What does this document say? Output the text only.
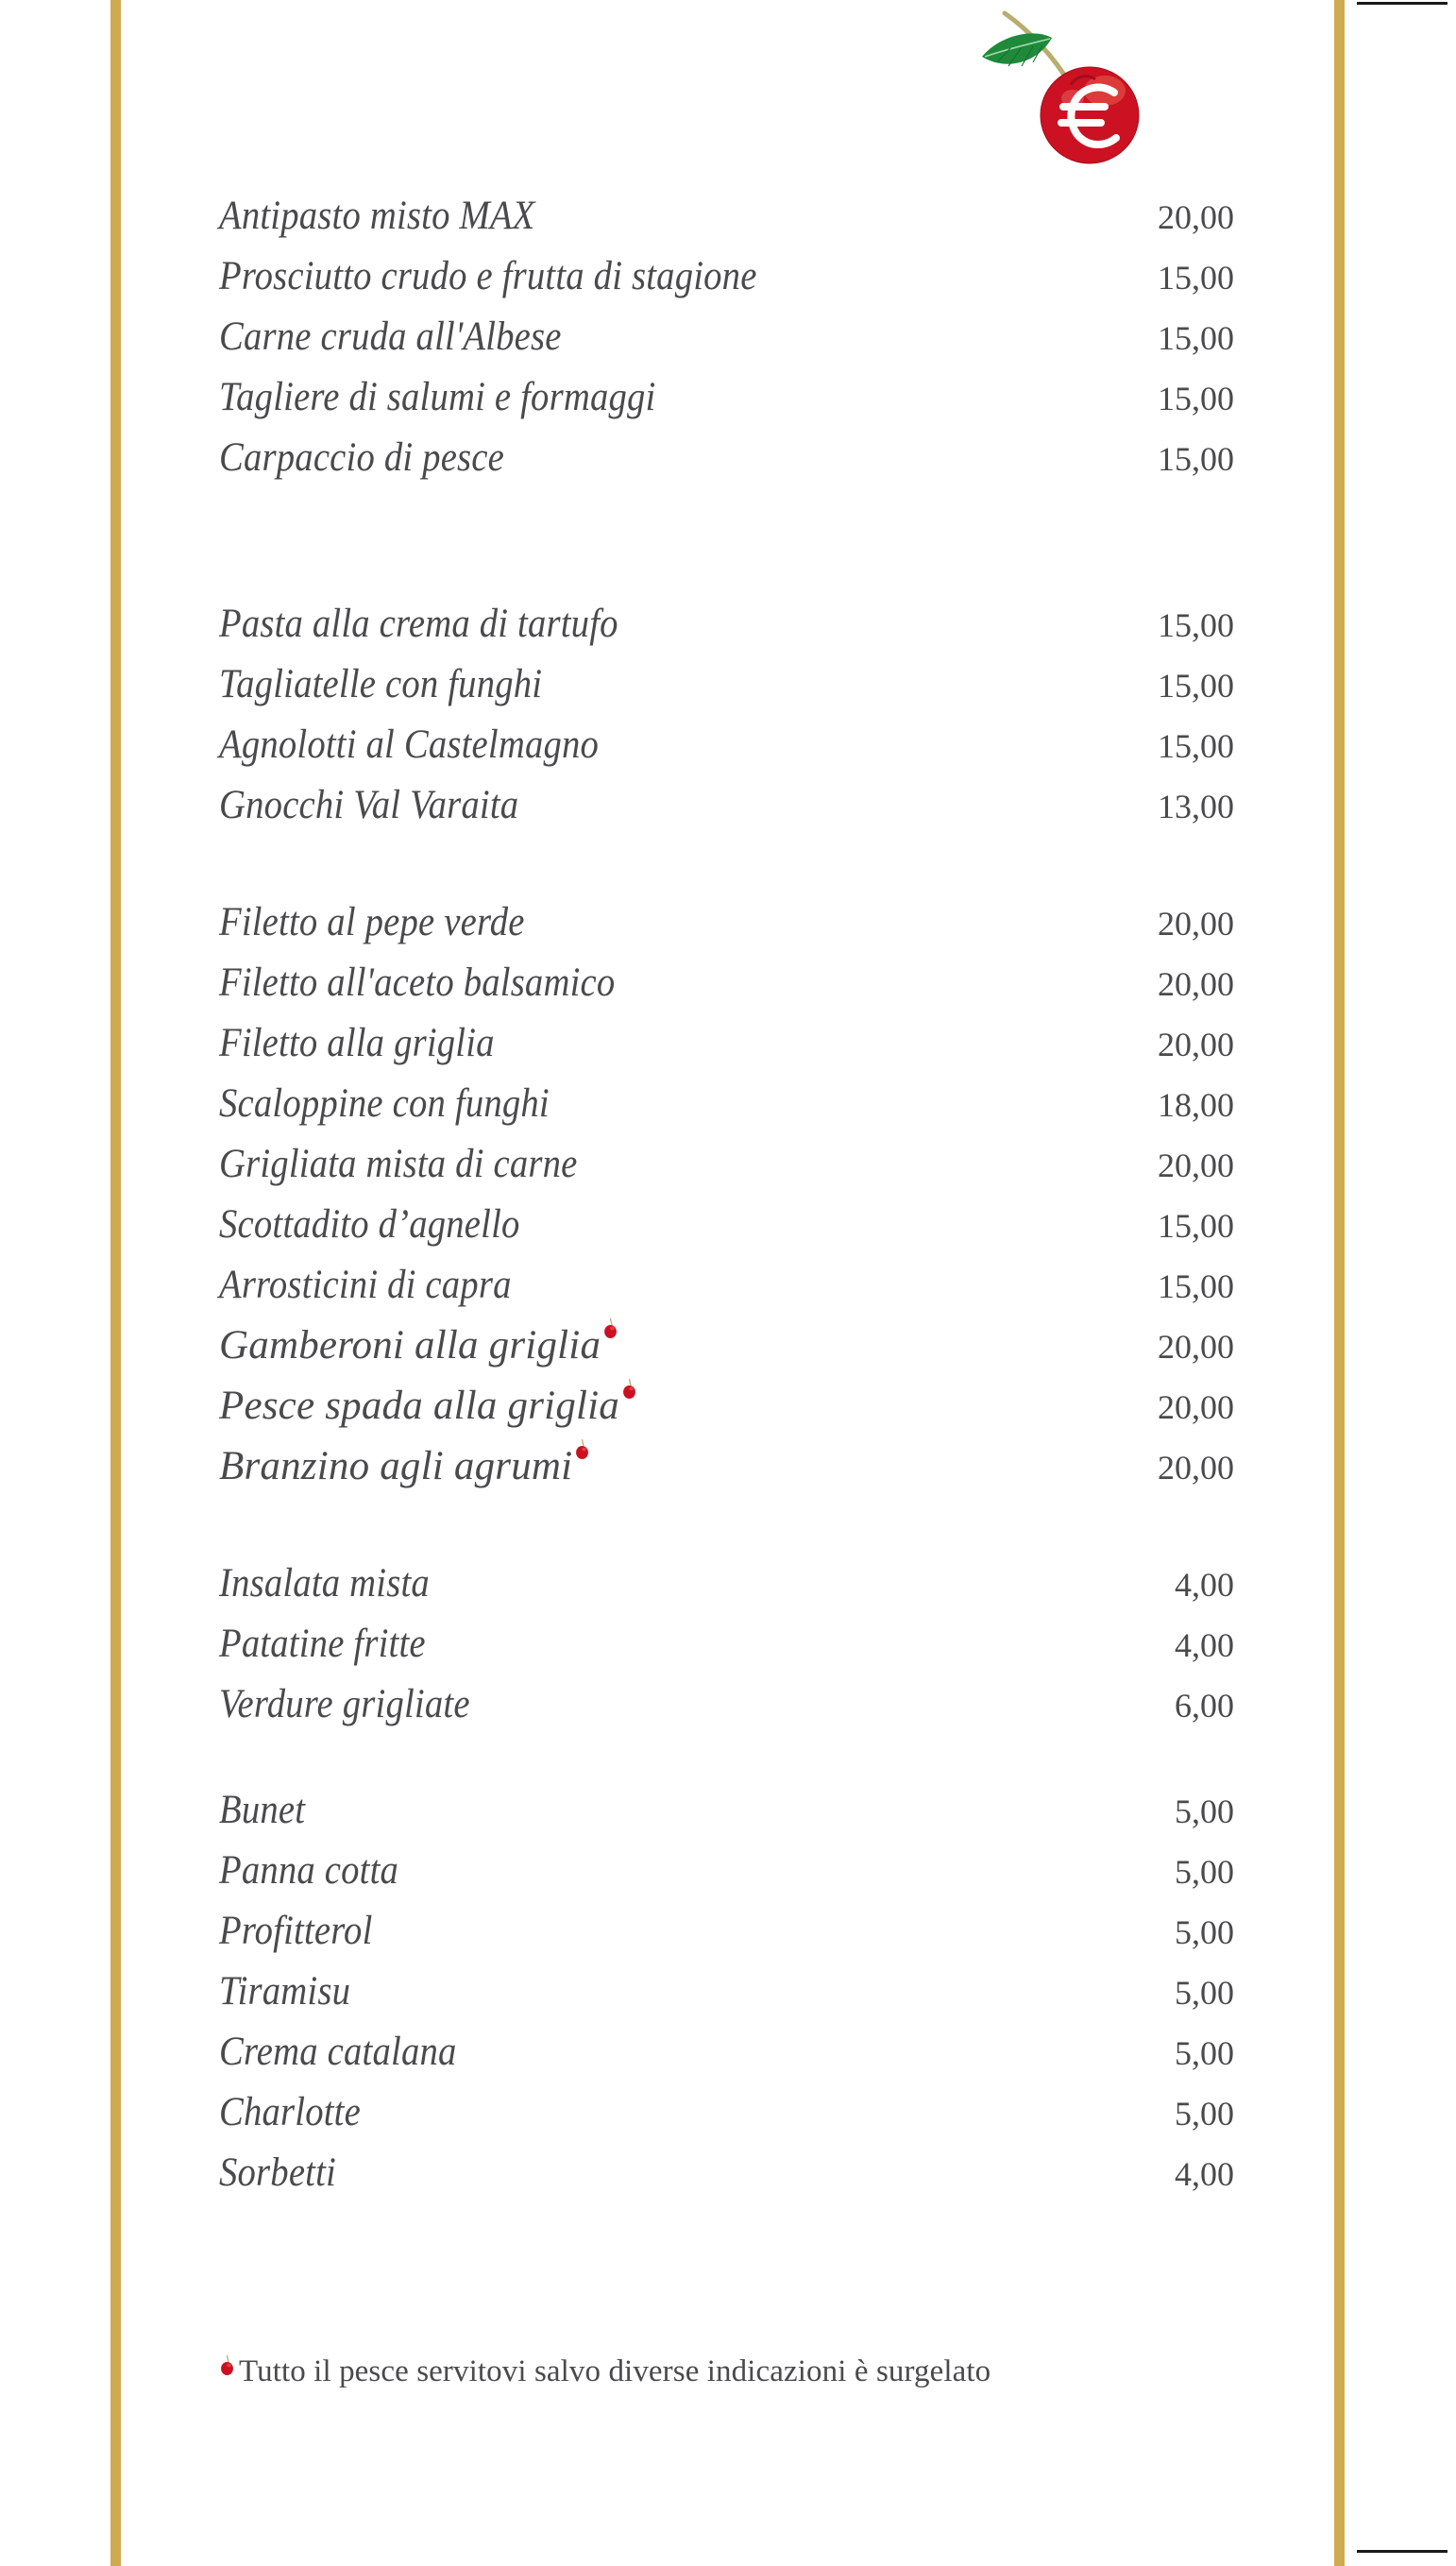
Antipasto misto MAX	20,00
Prosciutto crudo e frutta di stagione	15,00
Carne cruda all'Albese	15,00
Tagliere di salumi e formaggi	15,00
Carpaccio di pesce	15,00
Pasta alla crema di tartufo	15,00
Tagliatelle con funghi	15,00
Agnolotti al Castelmagno	15,00
Gnocchi Val Varaita	13,00
Filetto al pepe verde	20,00
Filetto all'aceto balsamico	20,00
Filetto alla griglia	20,00
Scaloppine con funghi	18,00
Grigliata mista di carne	20,00
Scottadito d’agnello	15,00
Arrosticini di capra	15,00
Gamberoni alla griglia	20,00
Pesce spada alla griglia	20,00
Branzino agli agrumi	20,00
Insalata mista	4,00
Patatine fritte	4,00
Verdure grigliate	6,00
Bunet	5,00
Panna cotta	5,00
Profitterol	5,00
Tiramisu	5,00
Crema catalana	5,00
Charlotte	5,00
Sorbetti	4,00
Tutto il pesce servitovi salvo diverse indicazioni è surgelato
